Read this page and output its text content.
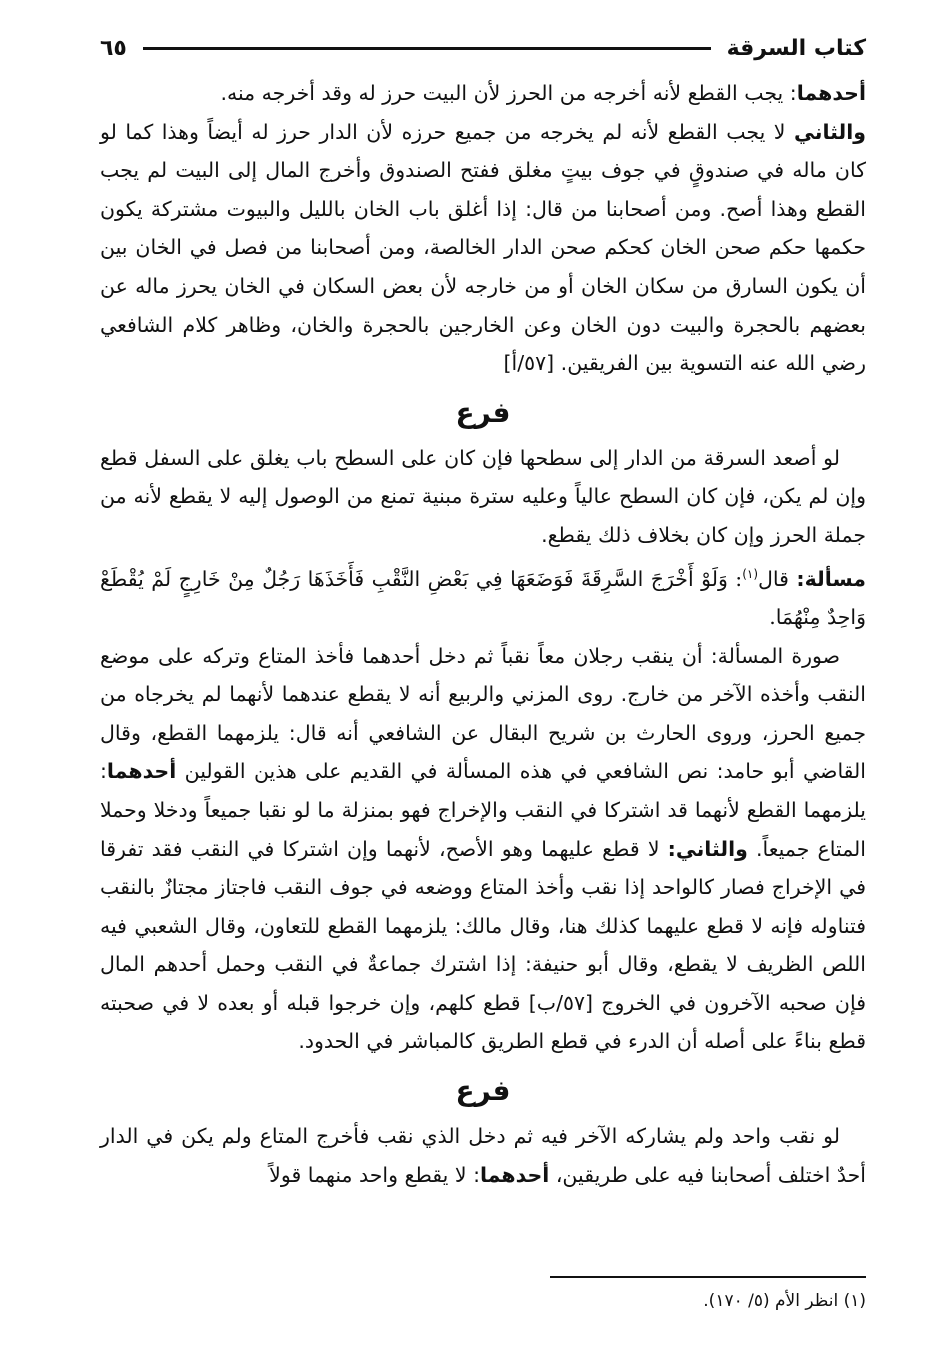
كتاب السرقة
٦٥

أحدهما: يجب القطع لأنه أخرجه من الحرز لأن البيت حرز له وقد أخرجه منه.

والثاني لا يجب القطع لأنه لم يخرجه من جميع حرزه لأن الدار حرز له أيضاً وهذا كما لو كان ماله في صندوقٍ في جوف بيتٍ مغلق ففتح الصندوق وأخرج المال إلى البيت لم يجب القطع وهذا أصح. ومن أصحابنا من قال: إذا أغلق باب الخان بالليل والبيوت مشتركة يكون حكمها حكم صحن الخان كحكم صحن الدار الخالصة، ومن أصحابنا من فصل في الخان بين أن يكون السارق من سكان الخان أو من خارجه لأن بعض السكان في الخان يحرز ماله عن بعضهم بالحجرة والبيت دون الخان وعن الخارجين بالحجرة والخان، وظاهر كلام الشافعي رضي الله عنه التسوية بين الفريقين. [٥٧/أ]

فرع

لو أصعد السرقة من الدار إلى سطحها فإن كان على السطح باب يغلق على السفل قطع وإن لم يكن، فإن كان السطح عالياً وعليه سترة مبنية تمنع من الوصول إليه لا يقطع لأنه من جملة الحرز وإن كان بخلاف ذلك يقطع.

مسألة: قال$^{(١)}$: وَلَوْ أَخْرَجَ السَّرِقَةَ فَوَضَعَهَا فِي بَعْضِ النَّقْبِ فَأَخَذَهَا رَجُلٌ مِنْ خَارِجٍ لَمْ يُقْطَعْ وَاحِدٌ مِنْهُمَا.

صورة المسألة: أن ينقب رجلان معاً نقباً ثم دخل أحدهما فأخذ المتاع وتركه على موضع النقب وأخذه الآخر من خارج. روى المزني والربيع أنه لا يقطع عندهما لأنهما لم يخرجاه من جميع الحرز، وروى الحارث بن شريح البقال عن الشافعي أنه قال: يلزمهما القطع، وقال القاضي أبو حامد: نص الشافعي في هذه المسألة في القديم على هذين القولين أحدهما: يلزمهما القطع لأنهما قد اشتركا في النقب والإخراج فهو بمنزلة ما لو نقبا جميعاً ودخلا وحملا المتاع جميعاً. والثاني: لا قطع عليهما وهو الأصح، لأنهما وإن اشتركا في النقب فقد تفرقا في الإخراج فصار كالواحد إذا نقب وأخذ المتاع ووضعه في جوف النقب فاجتاز مجتازٌ بالنقب فتناوله فإنه لا قطع عليهما كذلك هنا، وقال مالك: يلزمهما القطع للتعاون، وقال الشعبي فيه اللص الظريف لا يقطع، وقال أبو حنيفة: إذا اشترك جماعةٌ في النقب وحمل أحدهم المال فإن صحبه الآخرون في الخروج [٥٧/ب] قطع كلهم، وإن خرجوا قبله أو بعده لا في صحبته قطع بناءً على أصله أن الدرء في قطع الطريق كالمباشر في الحدود.

فرع

لو نقب واحد ولم يشاركه الآخر فيه ثم دخل الذي نقب فأخرج المتاع ولم يكن في الدار أحدٌ اختلف أصحابنا فيه على طريقين، أحدهما: لا يقطع واحد منهما قولاً

(١) انظر الأم (٥/ ١٧٠).
